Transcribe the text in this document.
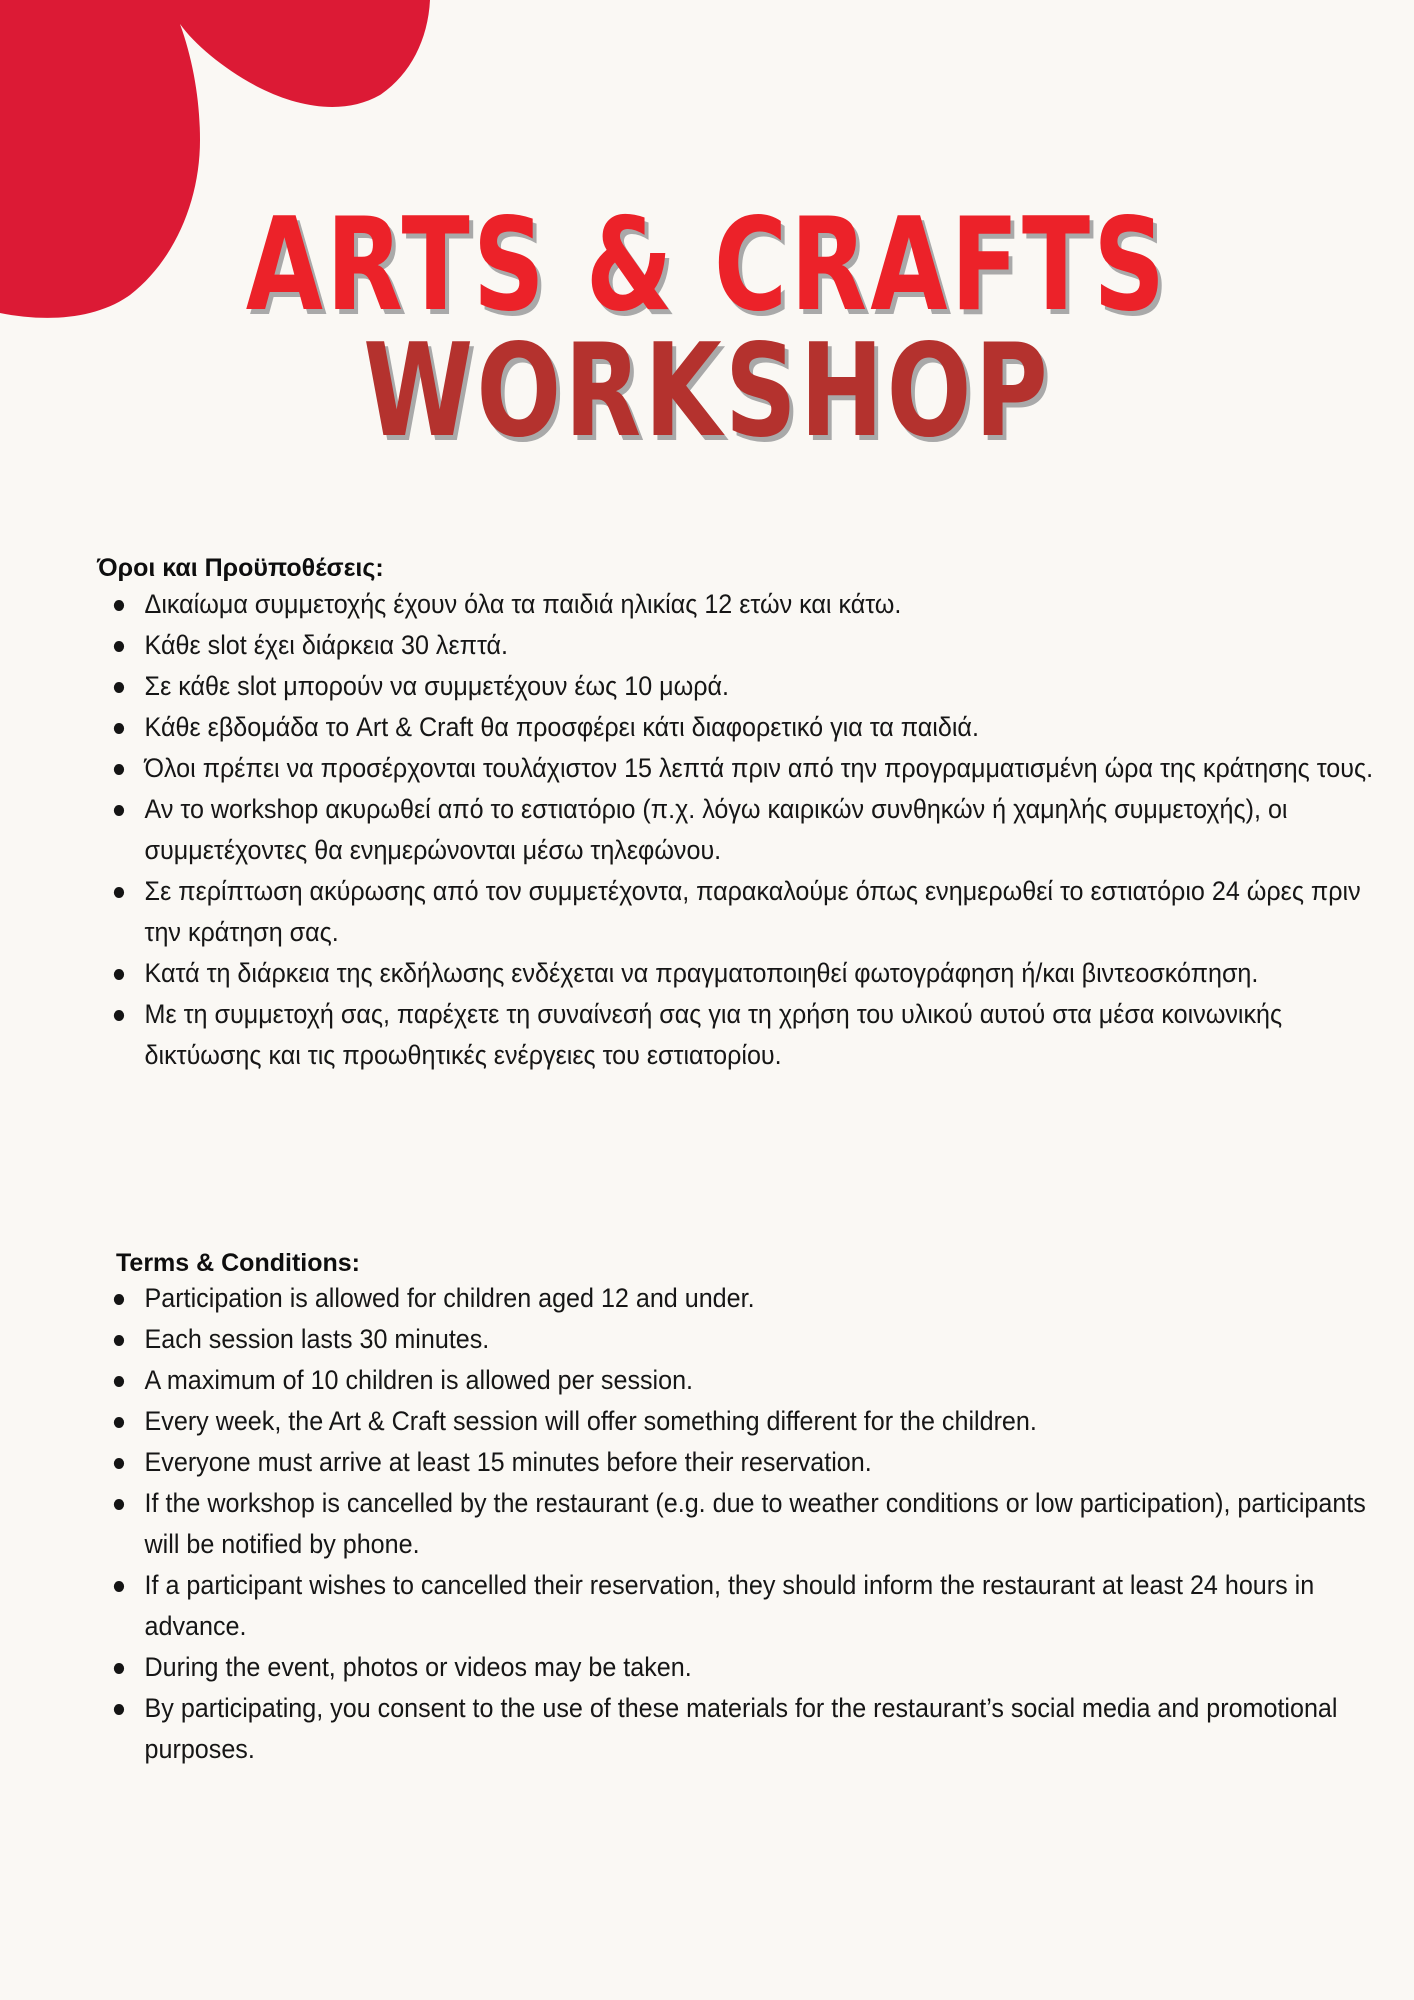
ARTS & CRAFTS
WORKSHOP
Όροι και Προϋποθέσεις:
Δικαίωμα συμμετοχής έχουν όλα τα παιδιά ηλικίας 12 ετών και κάτω.
Κάθε slot έχει διάρκεια 30 λεπτά.
Σε κάθε slot μπορούν να συμμετέχουν έως 10 μωρά.
Κάθε εβδομάδα το Art & Craft θα προσφέρει κάτι διαφορετικό για τα παιδιά.
Όλοι πρέπει να προσέρχονται τουλάχιστον 15 λεπτά πριν από την προγραμματισμένη ώρα της κράτησης τους.
Αν το workshop ακυρωθεί από το εστιατόριο (π.χ. λόγω καιρικών συνθηκών ή χαμηλής συμμετοχής), οι συμμετέχοντες θα ενημερώνονται μέσω τηλεφώνου.
Σε περίπτωση ακύρωσης από τον συμμετέχοντα, παρακαλούμε όπως ενημερωθεί το εστιατόριο 24 ώρες πριν την κράτηση σας.
Κατά τη διάρκεια της εκδήλωσης ενδέχεται να πραγματοποιηθεί φωτογράφηση ή/και βιντεοσκόπηση.
Με τη συμμετοχή σας, παρέχετε τη συναίνεσή σας για τη χρήση του υλικού αυτού στα μέσα κοινωνικής δικτύωσης και τις προωθητικές ενέργειες του εστιατορίου.
Terms & Conditions:
Participation is allowed for children aged 12 and under.
Each session lasts 30 minutes.
A maximum of 10 children is allowed per session.
Every week, the Art & Craft session will offer something different for the children.
Everyone must arrive at least 15 minutes before their reservation.
If the workshop is cancelled by the restaurant (e.g. due to weather conditions or low participation), participants will be notified by phone.
If a participant wishes to cancelled their reservation, they should inform the restaurant at least 24 hours in advance.
During the event, photos or videos may be taken.
By participating, you consent to the use of these materials for the restaurant’s social media and promotional purposes.
